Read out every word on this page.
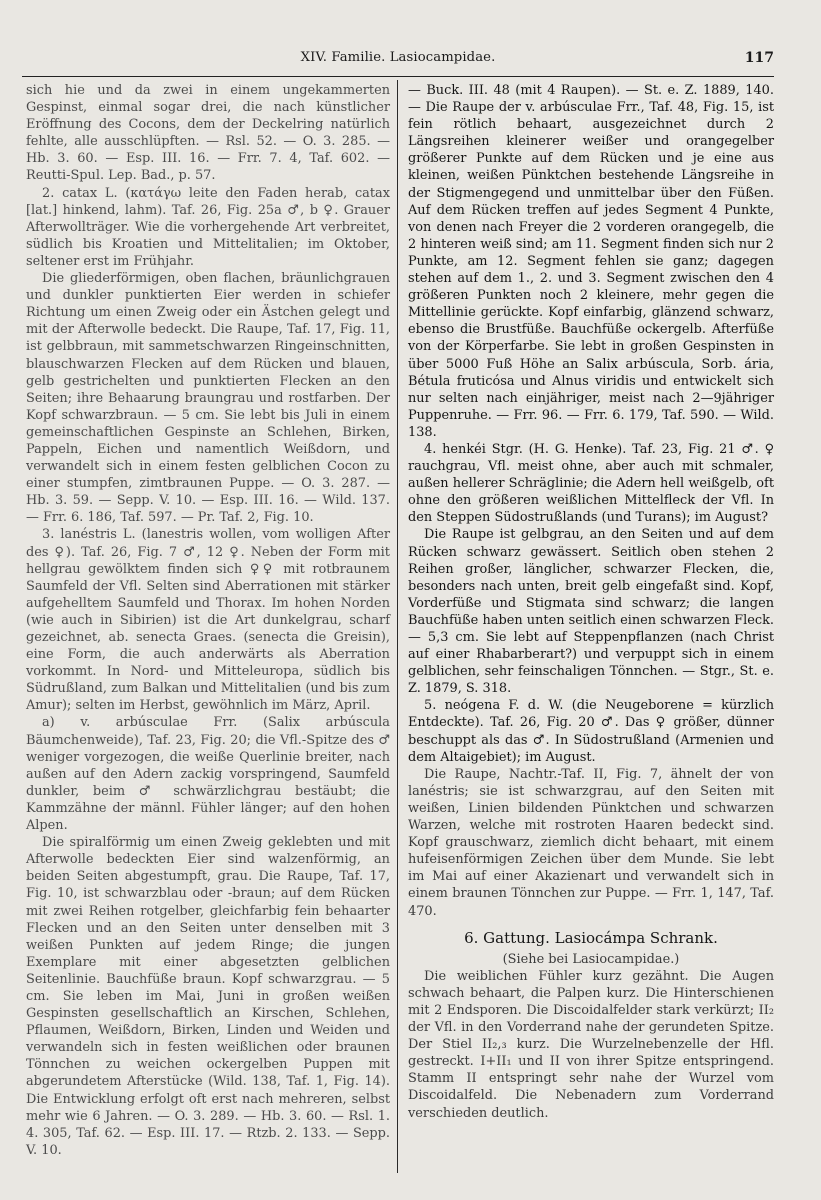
XIV. Familie. Lasiocampidae.	117

sich hie und da zwei in einem ungekammerten Gespinst, einmal sogar drei, die nach künstlicher Eröffnung des Cocons, dem der Deckelring natürlich fehlte, alle ausschlüpften. — Rsl. 52. — O. 3. 285. — Hb. 3. 60. — Esp. III. 16. — Frr. 7. 4, Taf. 602. — Reutti-Spul. Lep. Bad., p. 57.

2. catax L. (κατάγω leite den Faden herab, catax [lat.] hinkend, lahm). Taf. 26, Fig. 25a ♂, b ♀. Grauer Afterwollträger. Wie die vorhergehende Art verbreitet, südlich bis Kroatien und Mittelitalien; im Oktober, seltener erst im Frühjahr.

Die gliederförmigen, oben flachen, bräunlichgrauen und dunkler punktierten Eier werden in schiefer Richtung um einen Zweig oder ein Ästchen gelegt und mit der Afterwolle bedeckt. Die Raupe, Taf. 17, Fig. 11, ist gelbbraun, mit sammetschwarzen Ringeinschnitten, blauschwarzen Flecken auf dem Rücken und blauen, gelb gestrichelten und punktierten Flecken an den Seiten; ihre Behaarung braungrau und rostfarben. Der Kopf schwarzbraun. — 5 cm. Sie lebt bis Juli in einem gemeinschaftlichen Gespinste an Schlehen, Birken, Pappeln, Eichen und namentlich Weißdorn, und verwandelt sich in einem festen gelblichen Cocon zu einer stumpfen, zimtbraunen Puppe. — O. 3. 287. — Hb. 3. 59. — Sepp. V. 10. — Esp. III. 16. — Wild. 137. — Frr. 6. 186, Taf. 597. — Pr. Taf. 2, Fig. 10.

3. lanéstris L. (lanestris wollen, vom wolligen After des ♀). Taf. 26, Fig. 7 ♂, 12 ♀. Neben der Form mit hellgrau gewölktem finden sich ♀♀ mit rotbraunem Saumfeld der Vfl. Selten sind Aberrationen mit stärker aufgehelltem Saumfeld und Thorax. Im hohen Norden (wie auch in Sibirien) ist die Art dunkelgrau, scharf gezeichnet, ab. senecta Graes. (senecta die Greisin), eine Form, die auch anderwärts als Aberration vorkommt. In Nord- und Mitteleuropa, südlich bis Südrußland, zum Balkan und Mittelitalien (und bis zum Amur); selten im Herbst, gewöhnlich im März, April.

a) v. arbúsculae Frr. (Salix arbúscula Bäumchenweide), Taf. 23, Fig. 20; die Vfl.-Spitze des ♂ weniger vorgezogen, die weiße Querlinie breiter, nach außen auf den Adern zackig vorspringend, Saumfeld dunkler, beim ♂ schwärzlichgrau bestäubt; die Kammzähne der männl. Fühler länger; auf den hohen Alpen.

Die spiralförmig um einen Zweig geklebten und mit Afterwolle bedeckten Eier sind walzenförmig, an beiden Seiten abgestumpft, grau. Die Raupe, Taf. 17, Fig. 10, ist schwarzblau oder -braun; auf dem Rücken mit zwei Reihen rotgelber, gleichfarbig fein behaarter Flecken und an den Seiten unter denselben mit 3 weißen Punkten auf jedem Ringe; die jungen Exemplare mit einer abgesetzten gelblichen Seitenlinie. Bauchfüße braun. Kopf schwarzgrau. — 5 cm. Sie leben im Mai, Juni in großen weißen Gespinsten gesellschaftlich an Kirschen, Schlehen, Pflaumen, Weißdorn, Birken, Linden und Weiden und verwandeln sich in festen weißlichen oder braunen Tönnchen zu weichen ockergelben Puppen mit abgerundetem Afterstücke (Wild. 138, Taf. 1, Fig. 14). Die Entwicklung erfolgt oft erst nach mehreren, selbst mehr wie 6 Jahren. — O. 3. 289. — Hb. 3. 60. — Rsl. 1. 4. 305, Taf. 62. — Esp. III. 17. — Rtzb. 2. 133. — Sepp. V. 10.

— Buck. III. 48 (mit 4 Raupen). — St. e. Z. 1889, 140. — Die Raupe der v. arbúsculae Frr., Taf. 48, Fig. 15, ist fein rötlich behaart, ausgezeichnet durch 2 Längsreihen kleinerer weißer und orangegelber größerer Punkte auf dem Rücken und je eine aus kleinen, weißen Pünktchen bestehende Längsreihe in der Stigmengegend und unmittelbar über den Füßen. Auf dem Rücken treffen auf jedes Segment 4 Punkte, von denen nach Freyer die 2 vorderen orangegelb, die 2 hinteren weiß sind; am 11. Segment finden sich nur 2 Punkte, am 12. Segment fehlen sie ganz; dagegen stehen auf dem 1., 2. und 3. Segment zwischen den 4 größeren Punkten noch 2 kleinere, mehr gegen die Mittellinie gerückte. Kopf einfarbig, glänzend schwarz, ebenso die Brustfüße. Bauchfüße ockergelb. Afterfüße von der Körperfarbe. Sie lebt in großen Gespinsten in über 5000 Fuß Höhe an Salix arbúscula, Sorb. ária, Bétula fruticósa und Alnus viridis und entwickelt sich nur selten nach einjähriger, meist nach 2—9jähriger Puppenruhe. — Frr. 96. — Frr. 6. 179, Taf. 590. — Wild. 138.

4. henkéi Stgr. (H. G. Henke). Taf. 23, Fig. 21 ♂. ♀ rauchgrau, Vfl. meist ohne, aber auch mit schmaler, außen hellerer Schräglinie; die Adern hell weißgelb, oft ohne den größeren weißlichen Mittelfleck der Vfl. In den Steppen Südostrußlands (und Turans); im August?

Die Raupe ist gelbgrau, an den Seiten und auf dem Rücken schwarz gewässert. Seitlich oben stehen 2 Reihen großer, länglicher, schwarzer Flecken, die, besonders nach unten, breit gelb eingefaßt sind. Kopf, Vorderfüße und Stigmata sind schwarz; die langen Bauchfüße haben unten seitlich einen schwarzen Fleck. — 5,3 cm. Sie lebt auf Steppenpflanzen (nach Christ auf einer Rhabarberart?) und verpuppt sich in einem gelblichen, sehr feinschaligen Tönnchen. — Stgr., St. e. Z. 1879, S. 318.

5. neógena F. d. W. (die Neugeborene = kürzlich Entdeckte). Taf. 26, Fig. 20 ♂. Das ♀ größer, dünner beschuppt als das ♂. In Südostrußland (Armenien und dem Altaigebiet); im August.

Die Raupe, Nachtr.-Taf. II, Fig. 7, ähnelt der von lanéstris; sie ist schwarzgrau, auf den Seiten mit weißen, Linien bildenden Pünktchen und schwarzen Warzen, welche mit rostroten Haaren bedeckt sind. Kopf grauschwarz, ziemlich dicht behaart, mit einem hufeisenförmigen Zeichen über dem Munde. Sie lebt im Mai auf einer Akazienart und verwandelt sich in einem braunen Tönnchen zur Puppe. — Frr. 1, 147, Taf. 470.

6. Gattung. Lasiocámpa Schrank.

(Siehe bei Lasiocampidae.)

Die weiblichen Fühler kurz gezähnt. Die Augen schwach behaart, die Palpen kurz. Die Hinterschienen mit 2 Endsporen. Die Discoidalfelder stark verkürzt; II₂ der Vfl. in den Vorderrand nahe der gerundeten Spitze. Der Stiel II₂,₃ kurz. Die Wurzelnebenzelle der Hfl. gestreckt. I+II₁ und II von ihrer Spitze entspringend. Stamm II entspringt sehr nahe der Wurzel vom Discoidalfeld. Die Nebenadern zum Vorderrand verschieden deutlich.
